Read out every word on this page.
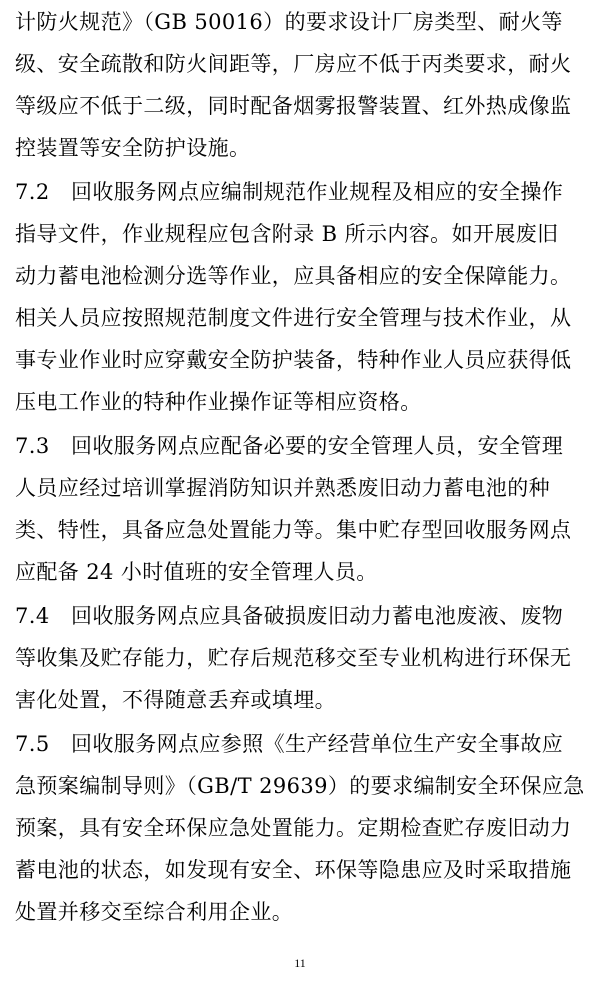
计防火规范》（GB 50016）的要求设计厂房类型、耐火等
级、安全疏散和防火间距等，厂房应不低于丙类要求，耐火
等级应不低于二级，同时配备烟雾报警装置、红外热成像监
控装置等安全防护设施。
7.2　回收服务网点应编制规范作业规程及相应的安全操作
指导文件，作业规程应包含附录 B 所示内容。如开展废旧
动力蓄电池检测分选等作业，应具备相应的安全保障能力。
相关人员应按照规范制度文件进行安全管理与技术作业，从
事专业作业时应穿戴安全防护装备，特种作业人员应获得低
压电工作业的特种作业操作证等相应资格。
7.3　回收服务网点应配备必要的安全管理人员，安全管理
人员应经过培训掌握消防知识并熟悉废旧动力蓄电池的种
类、特性，具备应急处置能力等。集中贮存型回收服务网点
应配备 24 小时值班的安全管理人员。
7.4　回收服务网点应具备破损废旧动力蓄电池废液、废物
等收集及贮存能力，贮存后规范移交至专业机构进行环保无
害化处置，不得随意丢弃或填埋。
7.5　回收服务网点应参照《生产经营单位生产安全事故应
急预案编制导则》（GB/T 29639）的要求编制安全环保应急
预案，具有安全环保应急处置能力。定期检查贮存废旧动力
蓄电池的状态，如发现有安全、环保等隐患应及时采取措施
处置并移交至综合利用企业。
11
